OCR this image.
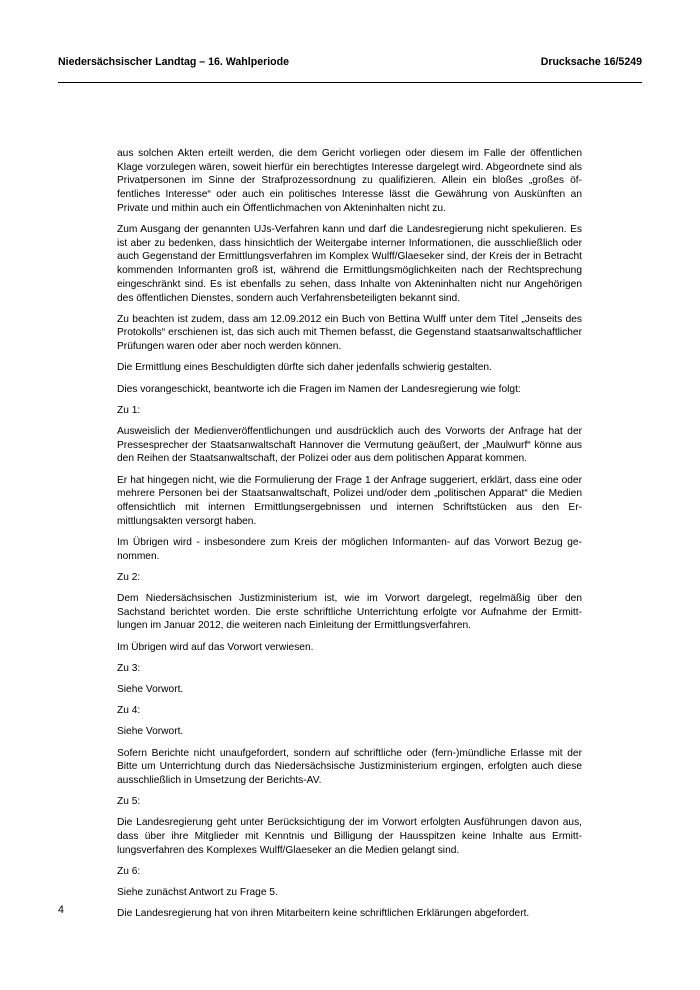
Niedersächsischer Landtag – 16. Wahlperiode	Drucksache 16/5249

aus solchen Akten erteilt werden, die dem Gericht vorliegen oder diesem im Falle der öffentlichen Klage vorzulegen wären, soweit hierfür ein berechtigtes Interesse dargelegt wird. Abgeordnete sind als Privatpersonen im Sinne der Strafprozessordnung zu qualifizieren. Allein ein bloßes „großes öffentliches Interesse“ oder auch ein politisches Interesse lässt die Gewährung von Auskünften an Private und mithin auch ein Öffentlichmachen von Akteninhalten nicht zu.

Zum Ausgang der genannten UJs-Verfahren kann und darf die Landesregierung nicht spekulieren. Es ist aber zu bedenken, dass hinsichtlich der Weitergabe interner Informationen, die ausschließlich oder auch Gegenstand der Ermittlungsverfahren im Komplex Wulff/Glaeseker sind, der Kreis der in Betracht kommenden Informanten groß ist, während die Ermittlungsmöglichkeiten nach der Rechtsprechung eingeschränkt sind. Es ist ebenfalls zu sehen, dass Inhalte von Akteninhalten nicht nur Angehörigen des öffentlichen Dienstes, sondern auch Verfahrensbeteiligten bekannt sind.

Zu beachten ist zudem, dass am 12.09.2012 ein Buch von Bettina Wulff unter dem Titel „Jenseits des Protokolls“ erschienen ist, das sich auch mit Themen befasst, die Gegenstand staatsanwaltschaftlicher Prüfungen waren oder aber noch werden können.

Die Ermittlung eines Beschuldigten dürfte sich daher jedenfalls schwierig gestalten.

Dies vorangeschickt, beantworte ich die Fragen im Namen der Landesregierung wie folgt:

Zu 1:

Ausweislich der Medienveröffentlichungen und ausdrücklich auch des Vorworts der Anfrage hat der Pressesprecher der Staatsanwaltschaft Hannover die Vermutung geäußert, der „Maulwurf“ könne aus den Reihen der Staatsanwaltschaft, der Polizei oder aus dem politischen Apparat kommen.

Er hat hingegen nicht, wie die Formulierung der Frage 1 der Anfrage suggeriert, erklärt, dass eine oder mehrere Personen bei der Staatsanwaltschaft, Polizei und/oder dem „politischen Apparat“ die Medien offensichtlich mit internen Ermittlungsergebnissen und internen Schriftstücken aus den Ermittlungsakten versorgt haben.

Im Übrigen wird - insbesondere zum Kreis der möglichen Informanten- auf das Vorwort Bezug genommen.

Zu 2:

Dem Niedersächsischen Justizministerium ist, wie im Vorwort dargelegt, regelmäßig über den Sachstand berichtet worden. Die erste schriftliche Unterrichtung erfolgte vor Aufnahme der Ermittlungen im Januar 2012, die weiteren nach Einleitung der Ermittlungsverfahren.

Im Übrigen wird auf das Vorwort verwiesen.

Zu 3:

Siehe Vorwort.

Zu 4:

Siehe Vorwort.

Sofern Berichte nicht unaufgefordert, sondern auf schriftliche oder (fern-)mündliche Erlasse mit der Bitte um Unterrichtung durch das Niedersächsische Justizministerium ergingen, erfolgten auch diese ausschließlich in Umsetzung der Berichts-AV.

Zu 5:

Die Landesregierung geht unter Berücksichtigung der im Vorwort erfolgten Ausführungen davon aus, dass über ihre Mitglieder mit Kenntnis und Billigung der Hausspitzen keine Inhalte aus Ermittlungsverfahren des Komplexes Wulff/Glaeseker an die Medien gelangt sind.

Zu 6:

Siehe zunächst Antwort zu Frage 5.

Die Landesregierung hat von ihren Mitarbeitern keine schriftlichen Erklärungen abgefordert.

4
